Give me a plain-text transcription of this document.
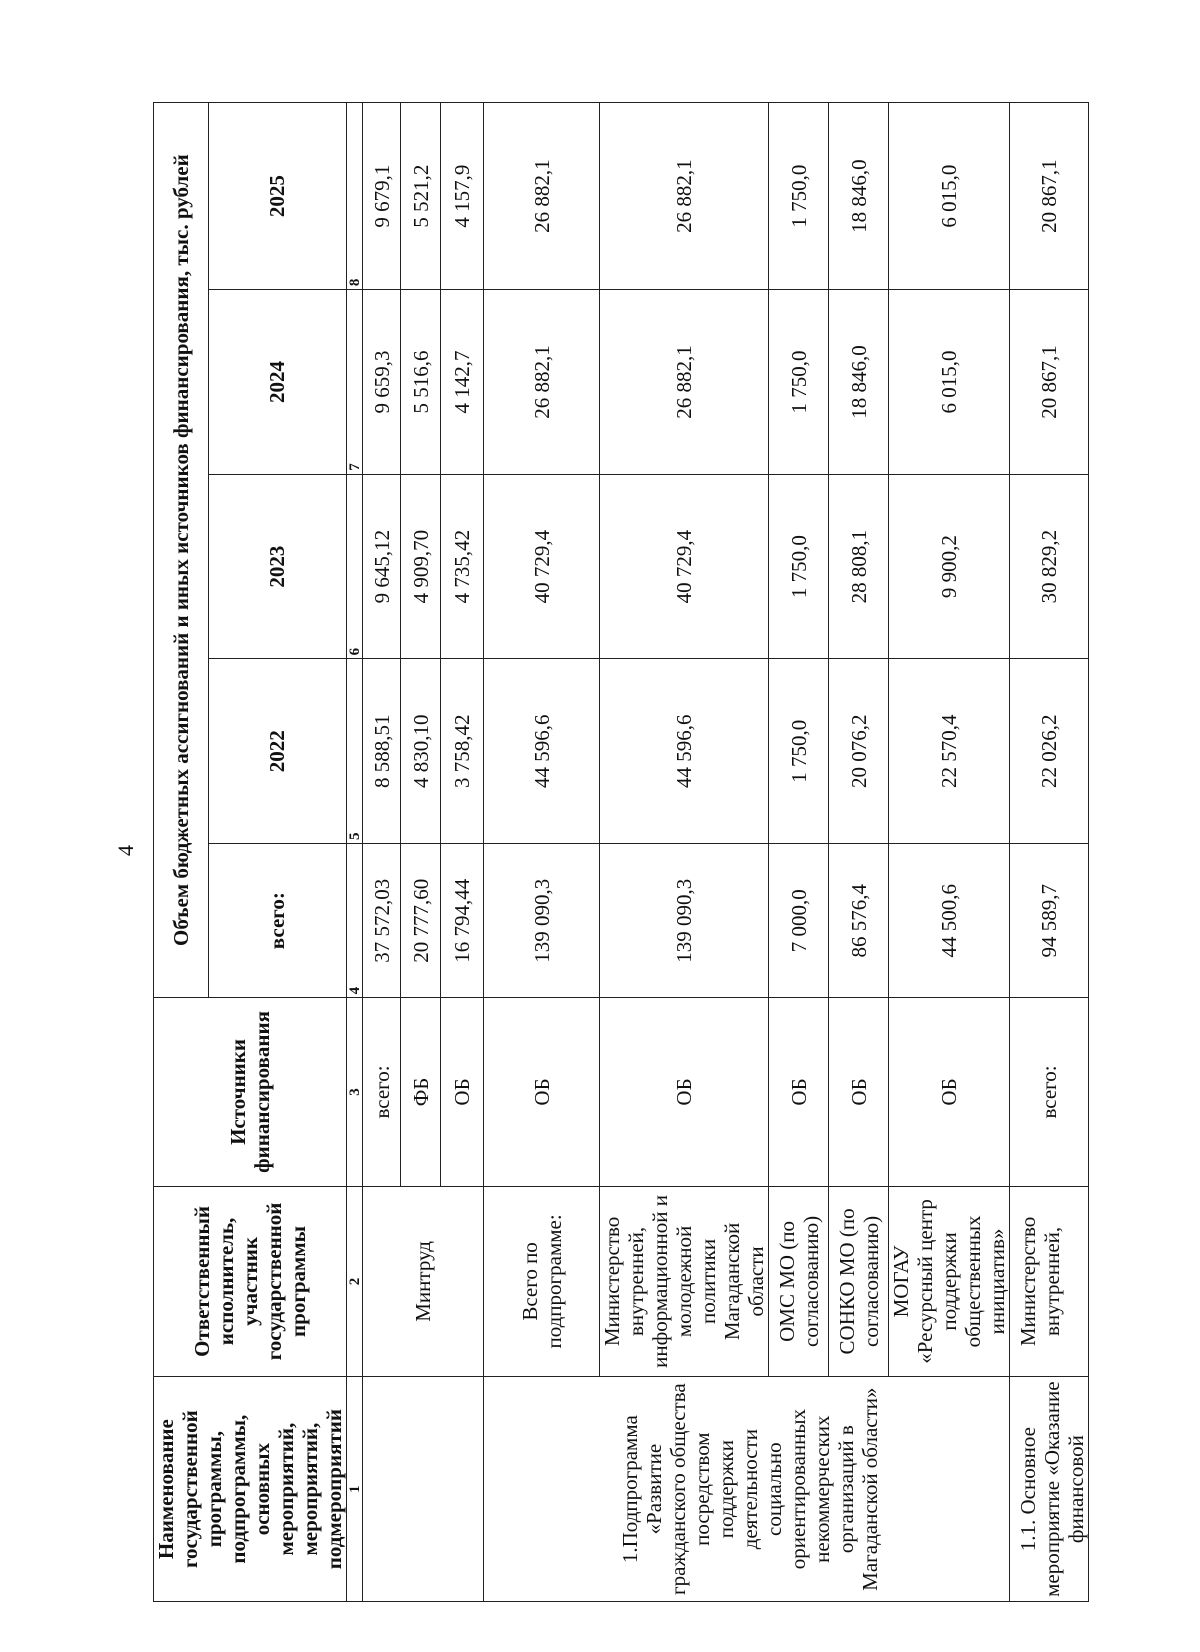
4
Наименование государственной программы, подпрограммы, основных мероприятий, мероприятий, подмероприятий	Ответственный исполнитель, участник государственной программы	Источники финансирования	Объем бюджетных ассигнований и иных источников финансирования, тыс. рублей				
			всего:	2022	2023	2024	2025
1	2	3	4	5	6	7	8
	Минтруд	всего:	37 572,03	8 588,51	9 645,12	9 659,3	9 679,1
		ФБ	20 777,60	4 830,10	4 909,70	5 516,6	5 521,2
		ОБ	16 794,44	3 758,42	4 735,42	4 142,7	4 157,9
	Всего по подпрограмме:	ОБ	139 090,3	44 596,6	40 729,4	26 882,1	26 882,1
1.Подпрограмма «Развитие гражданского общества посредством поддержки деятельности социально ориентированных некоммерческих организаций в Магаданской области»	Министерство внутренней, информационной и молодежной политики Магаданской области	ОБ	139 090,3	44 596,6	40 729,4	26 882,1	26 882,1
	ОМС МО (по согласованию)	ОБ	7 000,0	1 750,0	1 750,0	1 750,0	1 750,0
	СОНКО МО (по согласованию)	ОБ	86 576,4	20 076,2	28 808,1	18 846,0	18 846,0
	МОГАУ «Ресурсный центр поддержки общественных инициатив»	ОБ	44 500,6	22 570,4	9 900,2	6 015,0	6 015,0
1.1. Основное мероприятие «Оказание финансовой	Министерство внутренней,	всего:	94 589,7	22 026,2	30 829,2	20 867,1	20 867,1
